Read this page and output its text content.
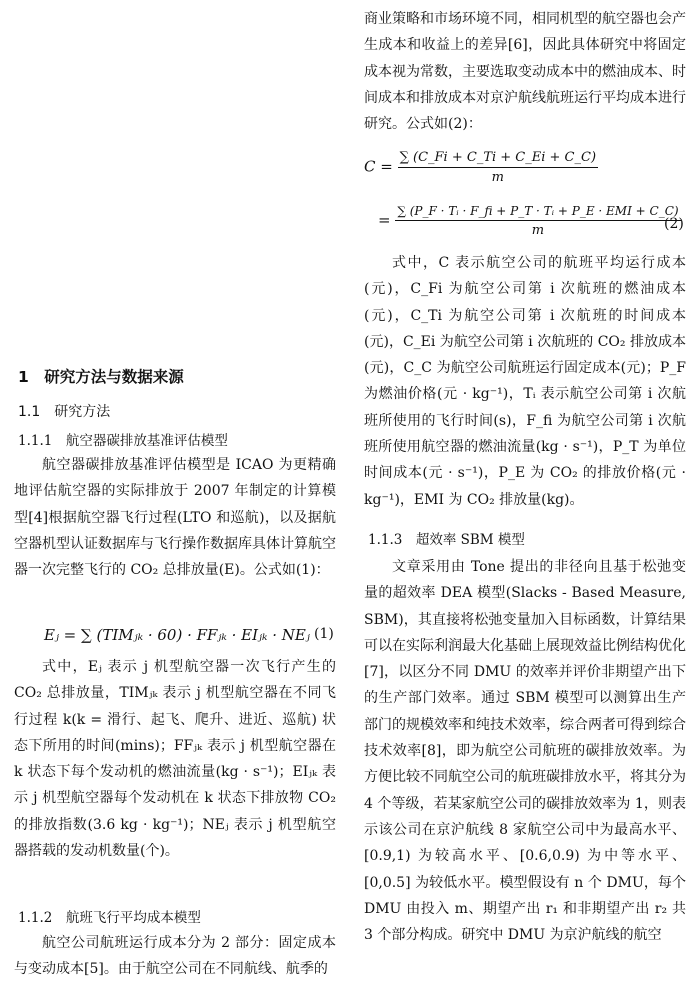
1　研究方法与数据来源
1.1　研究方法
1.1.1　航空器碳排放基准评估模型
航空器碳排放基准评估模型是 ICAO 为更精确地评估航空器的实际排放于 2007 年制定的计算模型[4]根据航空器飞行过程(LTO 和巡航)，以及据航空器机型认证数据库与飞行操作数据库具体计算航空器一次完整飞行的 CO₂ 总排放量(E)。公式如(1)：
Eⱼ = ∑ (TIMⱼₖ · 60) · FFⱼₖ · EIⱼₖ · NEⱼ (1)
式中，Eⱼ 表示 j 机型航空器一次飞行产生的 CO₂ 总排放量，TIMⱼₖ 表示 j 机型航空器在不同飞行过程 k(k = 滑行、起飞、爬升、进近、巡航) 状态下所用的时间(mins)；FFⱼₖ 表示 j 机型航空器在 k 状态下每个发动机的燃油流量(kg · s⁻¹)；EIⱼₖ 表示 j 机型航空器每个发动机在 k 状态下排放物 CO₂ 的排放指数(3.6 kg · kg⁻¹)；NEⱼ 表示 j 机型航空器搭载的发动机数量(个)。
1.1.2　航班飞行平均成本模型
航空公司航班运行成本分为 2 部分：固定成本与变动成本[5]。由于航空公司在不同航线、航季的
商业策略和市场环境不同，相同机型的航空器也会产生成本和收益上的差异[6]，因此具体研究中将固定成本视为常数，主要选取变动成本中的燃油成本、时间成本和排放成本对京沪航线航班运行平均成本进行研究。公式如(2)：
$C = \frac{\sum (C\_Fi + C\_Ti + C\_Ei + C\_C)}{m}$
= $\frac{\text{∑ (P\_F · Tᵢ · F\_fi + P\_T · Tᵢ + P\_E · EMI + C\_C)}}{m}$
(2)
式中，C 表示航空公司的航班平均运行成本(元)，C_Fi 为航空公司第 i 次航班的燃油成本(元)，C_Ti 为航空公司第 i 次航班的时间成本(元)，C_Ei 为航空公司第 i 次航班的 CO₂ 排放成本(元)，C_C 为航空公司航班运行固定成本(元)；P_F 为燃油价格(元 · kg⁻¹)，Tᵢ 表示航空公司第 i 次航班所使用的飞行时间(s)，F_fi 为航空公司第 i 次航班所使用航空器的燃油流量(kg · s⁻¹)，P_T 为单位时间成本(元 · s⁻¹)，P_E 为 CO₂ 的排放价格(元 · kg⁻¹)，EMI 为 CO₂ 排放量(kg)。
1.1.3　超效率 SBM 模型
文章采用由 Tone 提出的非径向且基于松弛变量的超效率 DEA 模型(Slacks - Based Measure, SBM)，其直接将松弛变量加入目标函数，计算结果可以在实际利润最大化基础上展现效益比例结构优化[7]，以区分不同 DMU 的效率并评价非期望产出下的生产部门效率。通过 SBM 模型可以测算出生产部门的规模效率和纯技术效率，综合两者可得到综合技术效率[8]，即为航空公司航班的碳排放效率。为方便比较不同航空公司的航班碳排放水平，将其分为 4 个等级，若某家航空公司的碳排放效率为 1，则表示该公司在京沪航线 8 家航空公司中为最高水平、[0.9,1) 为较高水平、[0.6,0.9) 为中等水平、[0,0.5] 为较低水平。模型假设有 n 个 DMU，每个 DMU 由投入 m、期望产出 r₁ 和非期望产出 r₂ 共 3 个部分构成。研究中 DMU 为京沪航线的航空
